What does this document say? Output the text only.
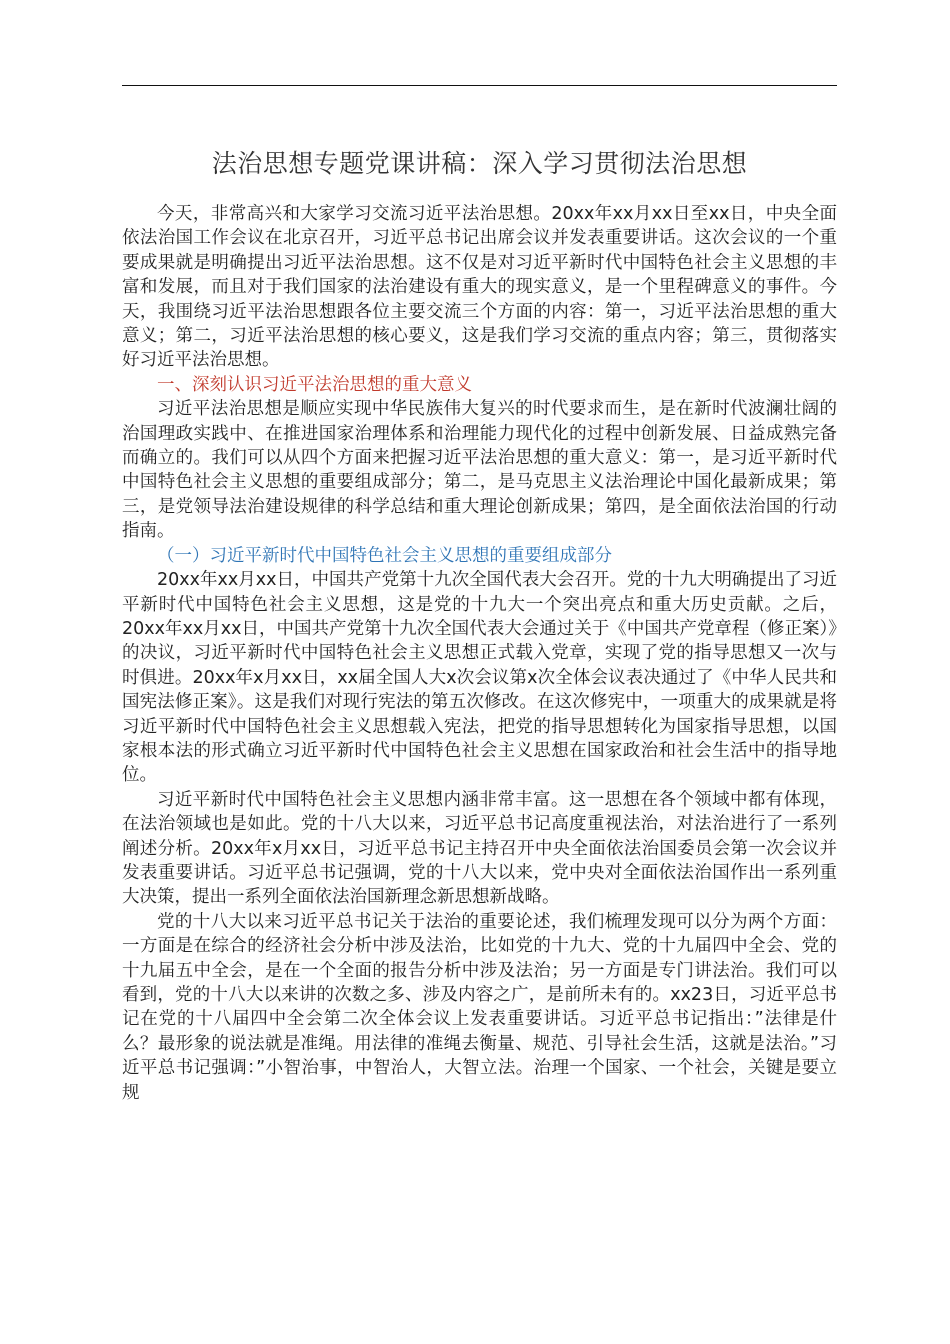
法治思想专题党课讲稿：深入学习贯彻法治思想

今天，非常高兴和大家学习交流习近平法治思想。20xx年xx月xx日至xx日，中央全面依法治国工作会议在北京召开，习近平总书记出席会议并发表重要讲话。这次会议的一个重要成果就是明确提出习近平法治思想。这不仅是对习近平新时代中国特色社会主义思想的丰富和发展，而且对于我们国家的法治建设有重大的现实意义，是一个里程碑意义的事件。今天，我围绕习近平法治思想跟各位主要交流三个方面的内容：第一，习近平法治思想的重大意义；第二，习近平法治思想的核心要义，这是我们学习交流的重点内容；第三，贯彻落实好习近平法治思想。

一、深刻认识习近平法治思想的重大意义

习近平法治思想是顺应实现中华民族伟大复兴的时代要求而生，是在新时代波澜壮阔的治国理政实践中、在推进国家治理体系和治理能力现代化的过程中创新发展、日益成熟完备而确立的。我们可以从四个方面来把握习近平法治思想的重大意义：第一，是习近平新时代中国特色社会主义思想的重要组成部分；第二，是马克思主义法治理论中国化最新成果；第三，是党领导法治建设规律的科学总结和重大理论创新成果；第四，是全面依法治国的行动指南。

（一）习近平新时代中国特色社会主义思想的重要组成部分

20xx年xx月xx日，中国共产党第十九次全国代表大会召开。党的十九大明确提出了习近平新时代中国特色社会主义思想，这是党的十九大一个突出亮点和重大历史贡献。之后，20xx年xx月xx日，中国共产党第十九次全国代表大会通过关于《中国共产党章程（修正案）》的决议，习近平新时代中国特色社会主义思想正式载入党章，实现了党的指导思想又一次与时俱进。20xx年x月xx日，xx届全国人大x次会议第x次全体会议表决通过了《中华人民共和国宪法修正案》。这是我们对现行宪法的第五次修改。在这次修宪中，一项重大的成果就是将习近平新时代中国特色社会主义思想载入宪法，把党的指导思想转化为国家指导思想，以国家根本法的形式确立习近平新时代中国特色社会主义思想在国家政治和社会生活中的指导地位。

习近平新时代中国特色社会主义思想内涵非常丰富。这一思想在各个领域中都有体现，在法治领域也是如此。党的十八大以来，习近平总书记高度重视法治，对法治进行了一系列阐述分析。20xx年x月xx日，习近平总书记主持召开中央全面依法治国委员会第一次会议并发表重要讲话。习近平总书记强调，党的十八大以来，党中央对全面依法治国作出一系列重大决策，提出一系列全面依法治国新理念新思想新战略。

党的十八大以来习近平总书记关于法治的重要论述，我们梳理发现可以分为两个方面：一方面是在综合的经济社会分析中涉及法治，比如党的十九大、党的十九届四中全会、党的十九届五中全会，是在一个全面的报告分析中涉及法治；另一方面是专门讲法治。我们可以看到，党的十八大以来讲的次数之多、涉及内容之广，是前所未有的。xx23日，习近平总书记在党的十八届四中全会第二次全体会议上发表重要讲话。习近平总书记指出：”法律是什么？最形象的说法就是准绳。用法律的准绳去衡量、规范、引导社会生活，这就是法治。”习近平总书记强调：”小智治事，中智治人，大智立法。治理一个国家、一个社会，关键是要立规
